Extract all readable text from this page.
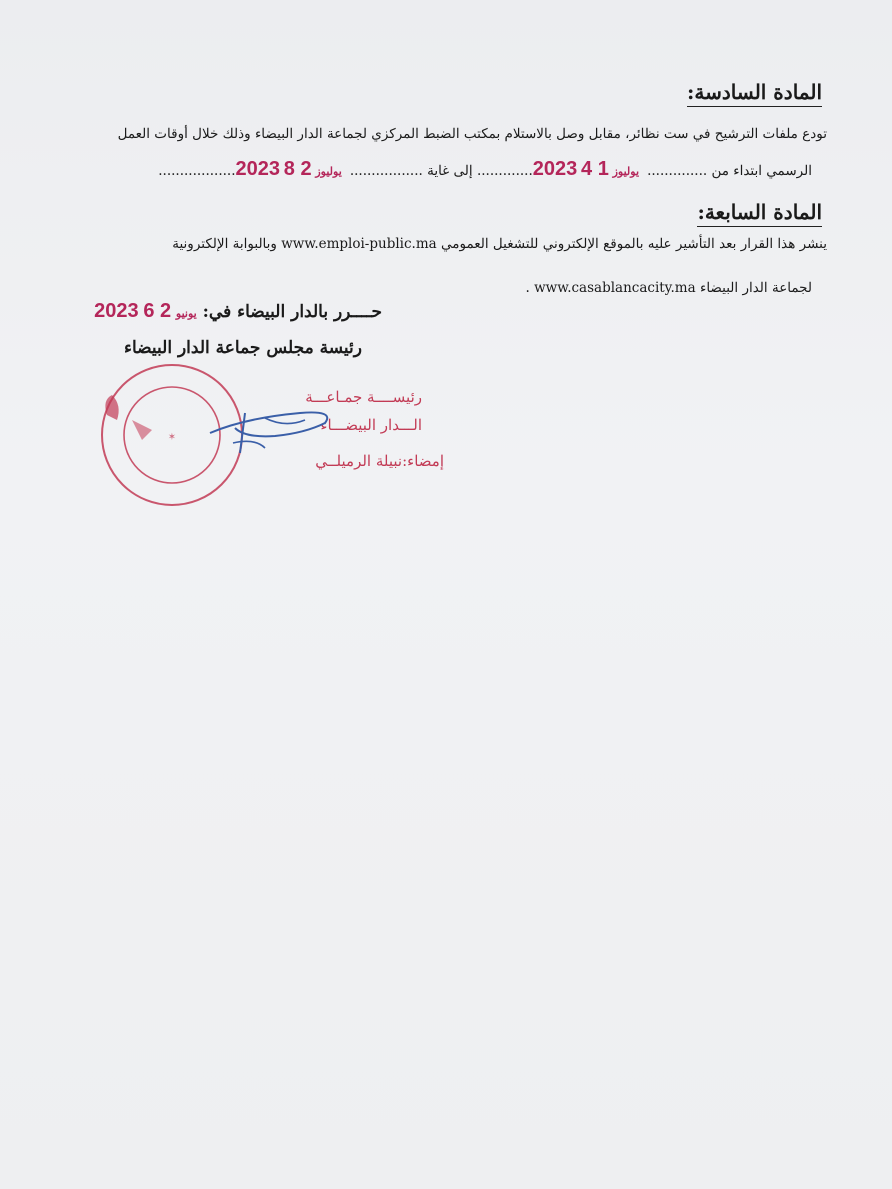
المادة السادسة:
تودع ملفات الترشيح في ست نظائر، مقابل وصل بالاستلام بمكتب الضبط المركزي لجماعة الدار البيضاء وذلك خلال أوقات العمل
الرسمي ابتداء من .............. 2023	يوليوز 1 4 ............. إلى غاية ................. 2023	يوليوز 2 8 ..................
المادة السابعة:
ينشر هذا القرار بعد التأشير عليه بالموقع الإلكتروني للتشغيل العمومي www.emploi-public.ma وبالبوابة الإلكترونية
لجماعة الدار البيضاء www.casablancacity.ma .
حــــرر بالدار البيضاء في: 2023	يونيو 2 6
رئيسة مجلس جماعة الدار البيضاء
✶
رئيســــة جمـاعـــة
الـــدار البيضـــاء
إمضاء:نبيلة الرميلــي
